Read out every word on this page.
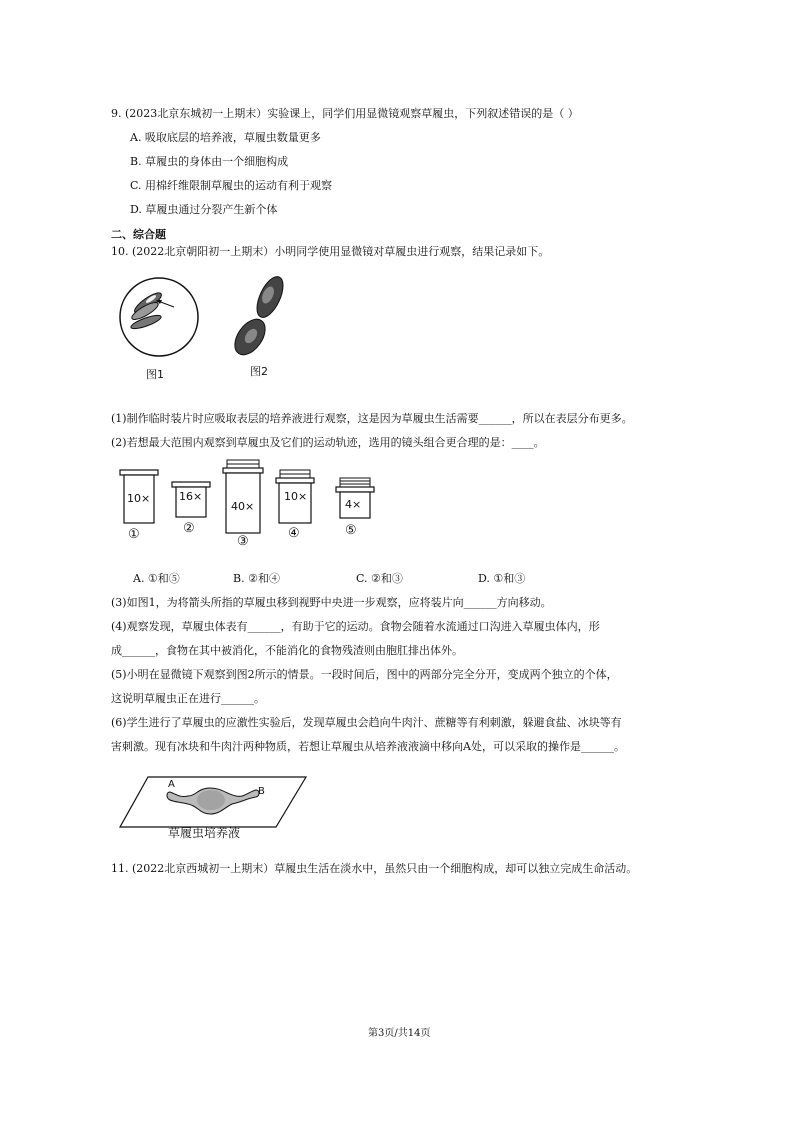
9. (2023北京东城初一上期末）实验课上，同学们用显微镜观察草履虫，下列叙述错误的是（ ）
A. 吸取底层的培养液，草履虫数量更多
B. 草履虫的身体由一个细胞构成
C. 用棉纤维限制草履虫的运动有利于观察
D. 草履虫通过分裂产生新个体
二、综合题
10. (2022北京朝阳初一上期末）小明同学使用显微镜对草履虫进行观察，结果记录如下。
图1	图2
(1)制作临时装片时应吸取表层的培养液进行观察，这是因为草履虫生活需要______，所以在表层分布更多。
(2)若想最大范围内观察到草履虫及它们的运动轨迹，选用的镜头组合更合理的是：____。
10×	16×
40×
10×
4×
①	②
③
④	⑤
A. ①和⑤	B. ②和④	C. ②和③	D. ①和③
(3)如图1，为将箭头所指的草履虫移到视野中央进一步观察，应将装片向______方向移动。
(4)观察发现，草履虫体表有______，有助于它的运动。食物会随着水流通过口沟进入草履虫体内，形
成______，食物在其中被消化，不能消化的食物残渣则由胞肛排出体外。
(5)小明在显微镜下观察到图2所示的情景。一段时间后，图中的两部分完全分开，变成两个独立的个体，
这说明草履虫正在进行______。
(6)学生进行了草履虫的应激性实验后，发现草履虫会趋向牛肉汁、蔗糖等有利刺激，躲避食盐、冰块等有
害刺激。现有冰块和牛肉汁两种物质，若想让草履虫从培养液液滴中移向A处，可以采取的操作是______。
A
B
草履虫培养液
11. (2022北京西城初一上期末）草履虫生活在淡水中，虽然只由一个细胞构成，却可以独立完成生命活动。
第3页/共14页
